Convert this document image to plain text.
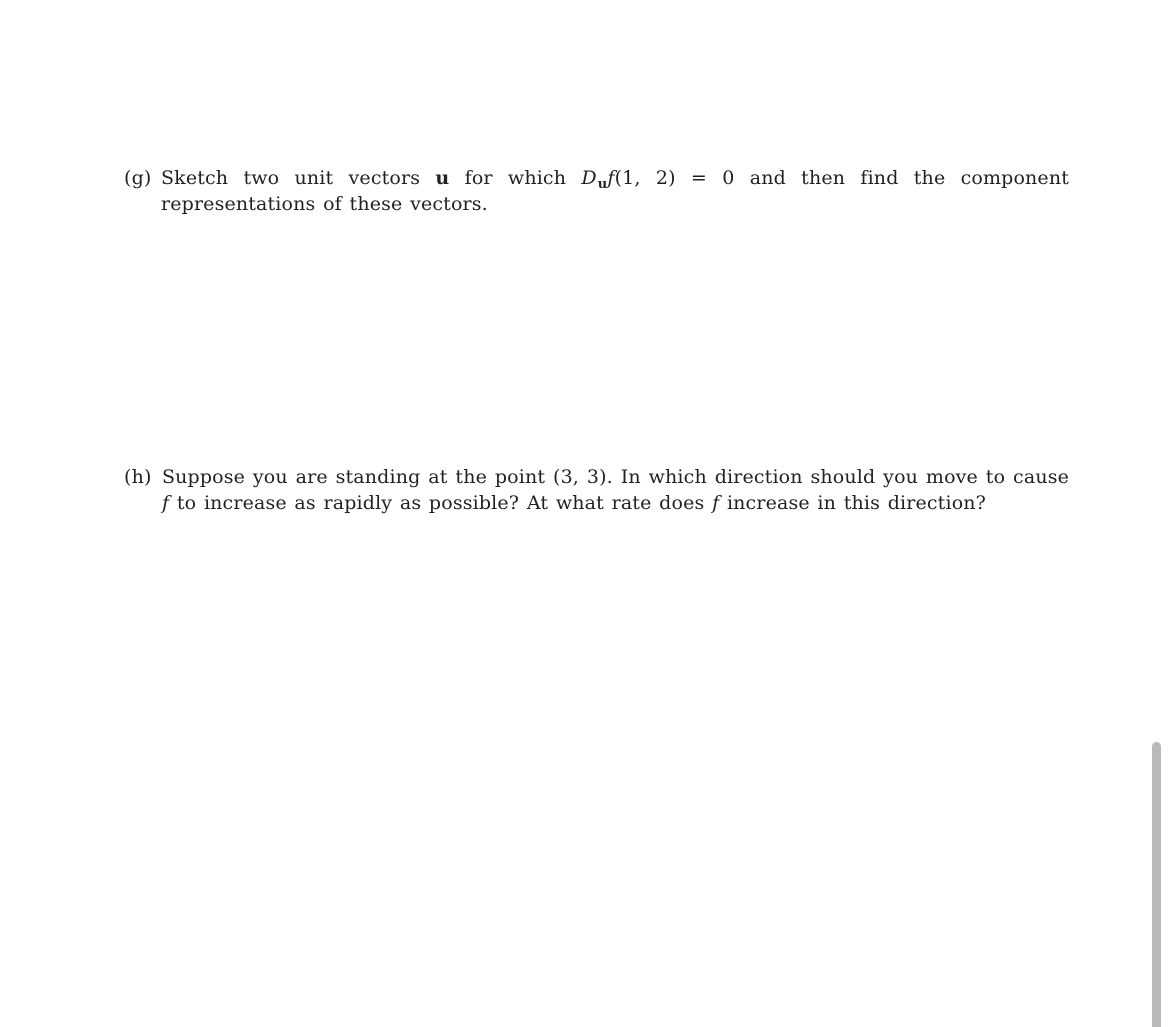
(g) Sketch two unit vectors u for which $D_uf(1$, 2) = 0 and then find the component representations of these vectors.
(h) Suppose you are standing at the point (3, 3). In which direction should you move to cause f to increase as rapidly as possible? At what rate does f increase in this direction?
